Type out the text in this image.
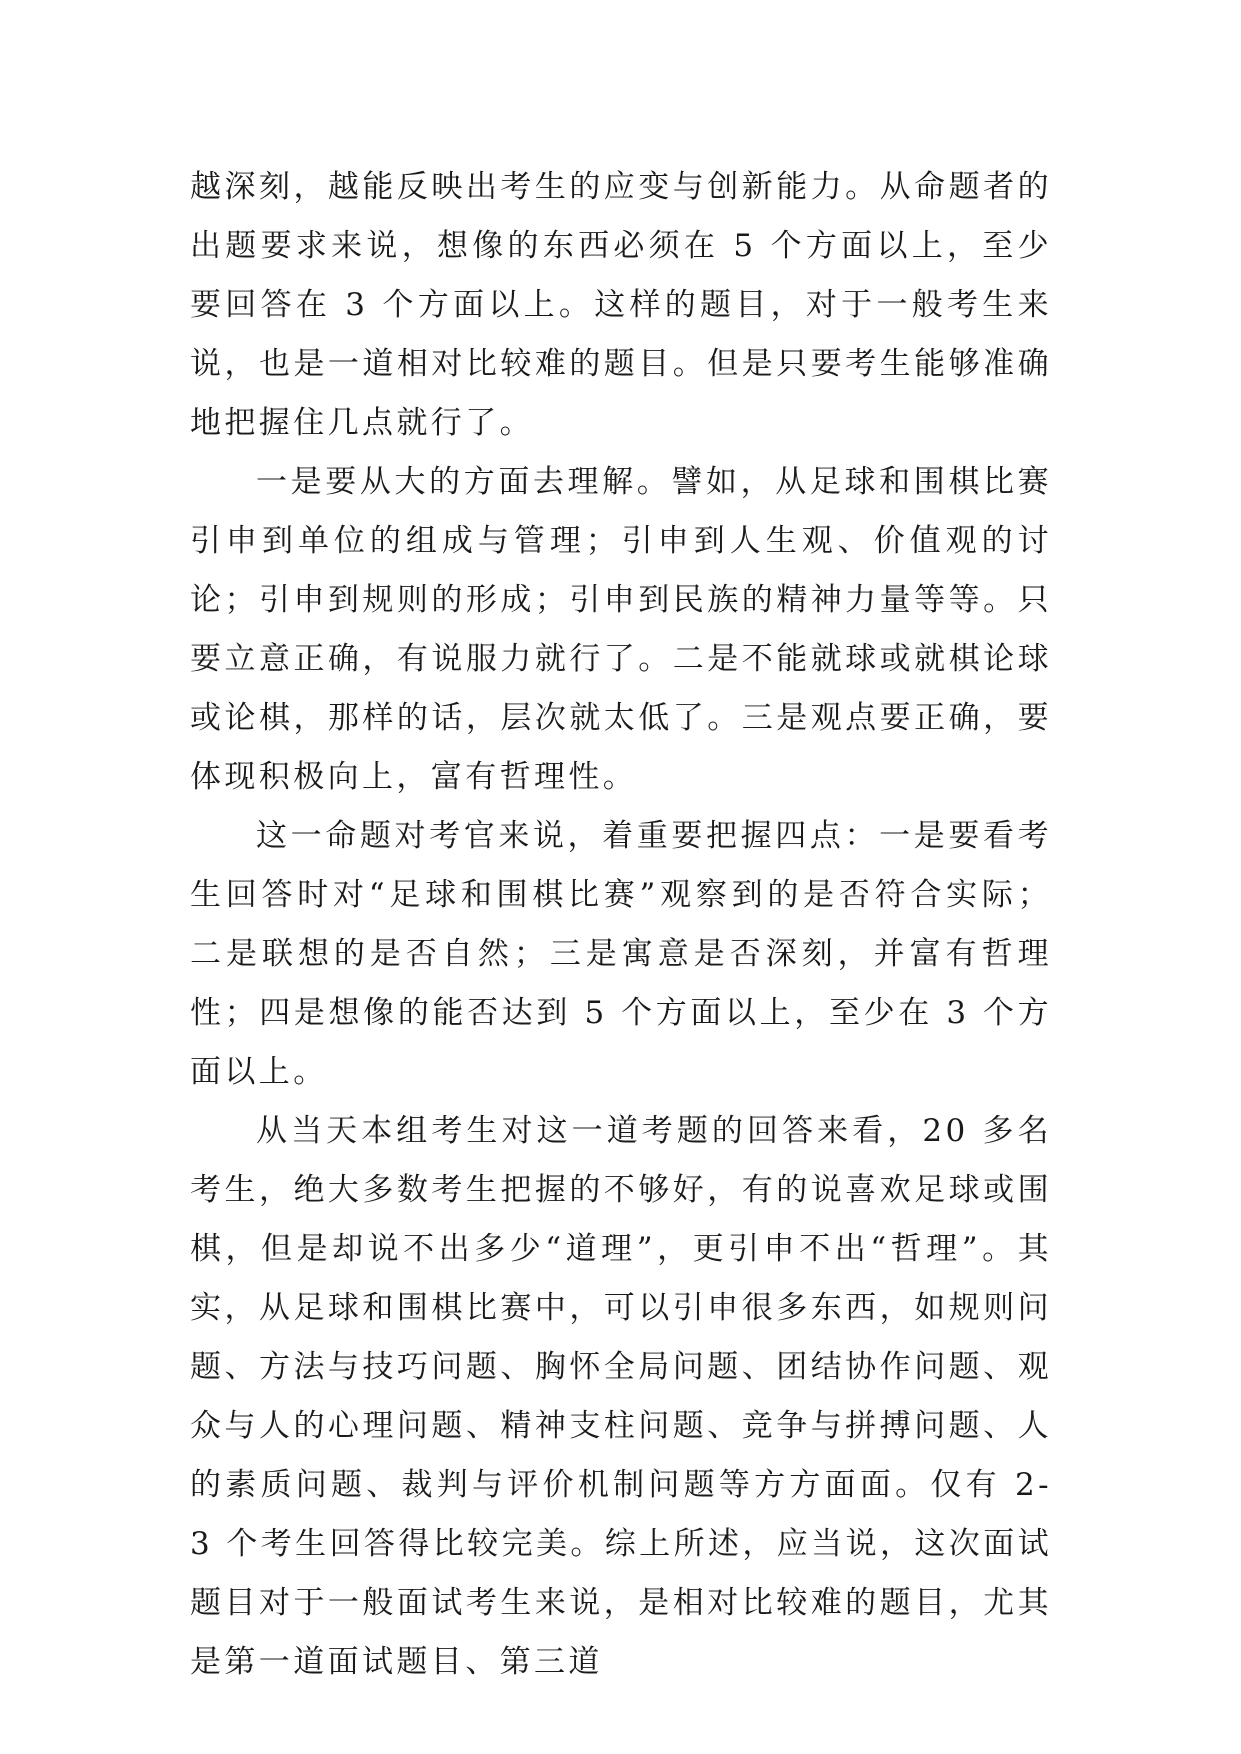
越深刻，越能反映出考生的应变与创新能力。从命题者的出题要求来说，想像的东西必须在 5 个方面以上，至少要回答在 3 个方面以上。这样的题目，对于一般考生来说，也是一道相对比较难的题目。但是只要考生能够准确地把握住几点就行了。

一是要从大的方面去理解。譬如，从足球和围棋比赛引申到单位的组成与管理；引申到人生观、价值观的讨论；引申到规则的形成；引申到民族的精神力量等等。只要立意正确，有说服力就行了。二是不能就球或就棋论球或论棋，那样的话，层次就太低了。三是观点要正确，要体现积极向上，富有哲理性。

这一命题对考官来说，着重要把握四点：一是要看考生回答时对“足球和围棋比赛”观察到的是否符合实际；二是联想的是否自然；三是寓意是否深刻，并富有哲理性；四是想像的能否达到 5 个方面以上，至少在 3 个方面以上。

从当天本组考生对这一道考题的回答来看，20 多名考生，绝大多数考生把握的不够好，有的说喜欢足球或围棋，但是却说不出多少“道理”，更引申不出“哲理”。其实，从足球和围棋比赛中，可以引申很多东西，如规则问题、方法与技巧问题、胸怀全局问题、团结协作问题、观众与人的心理问题、精神支柱问题、竞争与拼搏问题、人的素质问题、裁判与评价机制问题等方方面面。仅有 2-3 个考生回答得比较完美。综上所述，应当说，这次面试题目对于一般面试考生来说，是相对比较难的题目，尤其是第一道面试题目、第三道
